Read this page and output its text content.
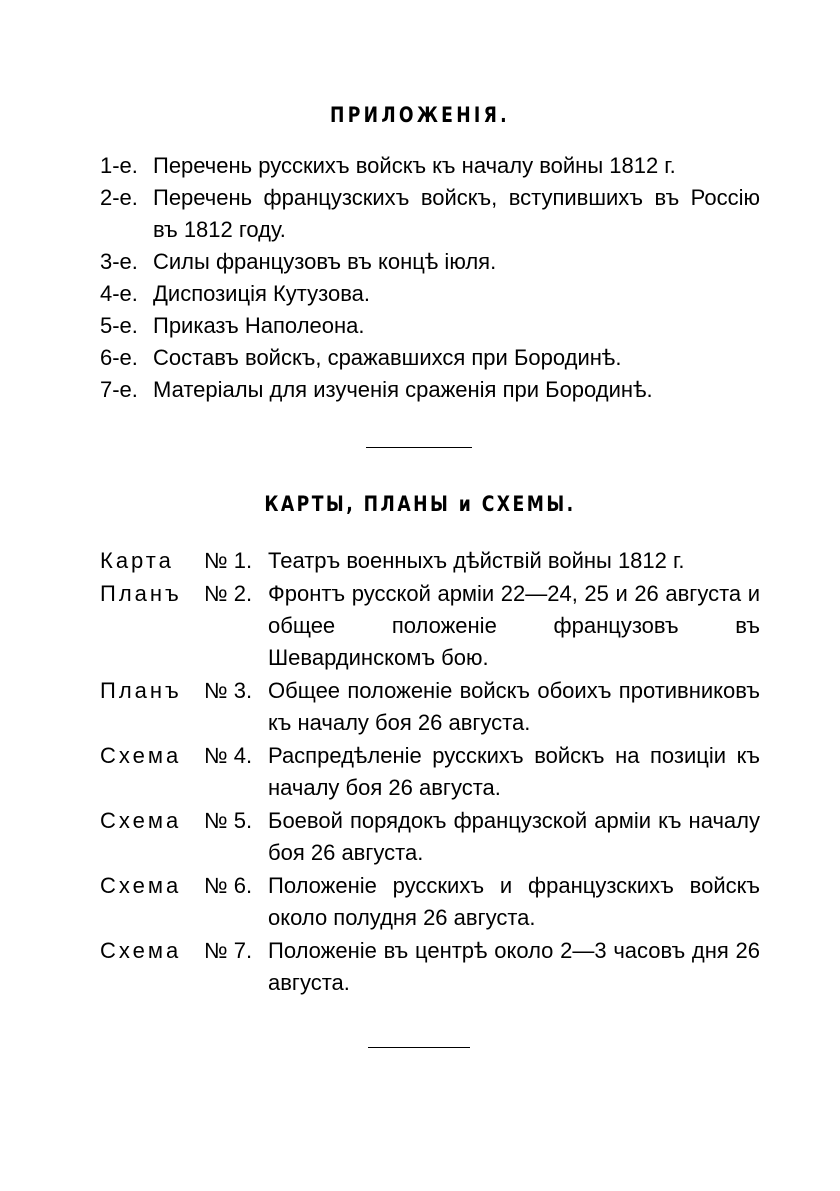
ПРИЛОЖЕНІЯ.
1-е. Перечень русскихъ войскъ къ началу войны 1812 г.
2-е. Перечень французскихъ войскъ, вступившихъ въ Россію въ 1812 году.
3-е. Силы французовъ въ концѣ іюля.
4-е. Диспозиція Кутузова.
5-е. Приказъ Наполеона.
6-е. Составъ войскъ, сражавшихся при Бородинѣ.
7-е. Матеріалы для изученія сраженія при Бородинѣ.
КАРТЫ, ПЛАНЫ и СХЕМЫ.
Карта	№ 1. Театръ военныхъ дѣйствій войны 1812 г.
Планъ	№ 2. Фронтъ русской арміи 22—24, 25 и 26 августа и общее положеніе французовъ въ Шевардинскомъ бою.
Планъ	№ 3. Общее положеніе войскъ обоихъ противниковъ къ началу боя 26 августа.
Схема	№ 4. Распредѣленіе русскихъ войскъ на позиціи къ началу боя 26 августа.
Схема	№ 5. Боевой порядокъ французской арміи къ началу боя 26 августа.
Схема	№ 6. Положеніе русскихъ и французскихъ войскъ около полудня 26 августа.
Схема	№ 7. Положеніе въ центрѣ около 2—3 часовъ дня 26 августа.
